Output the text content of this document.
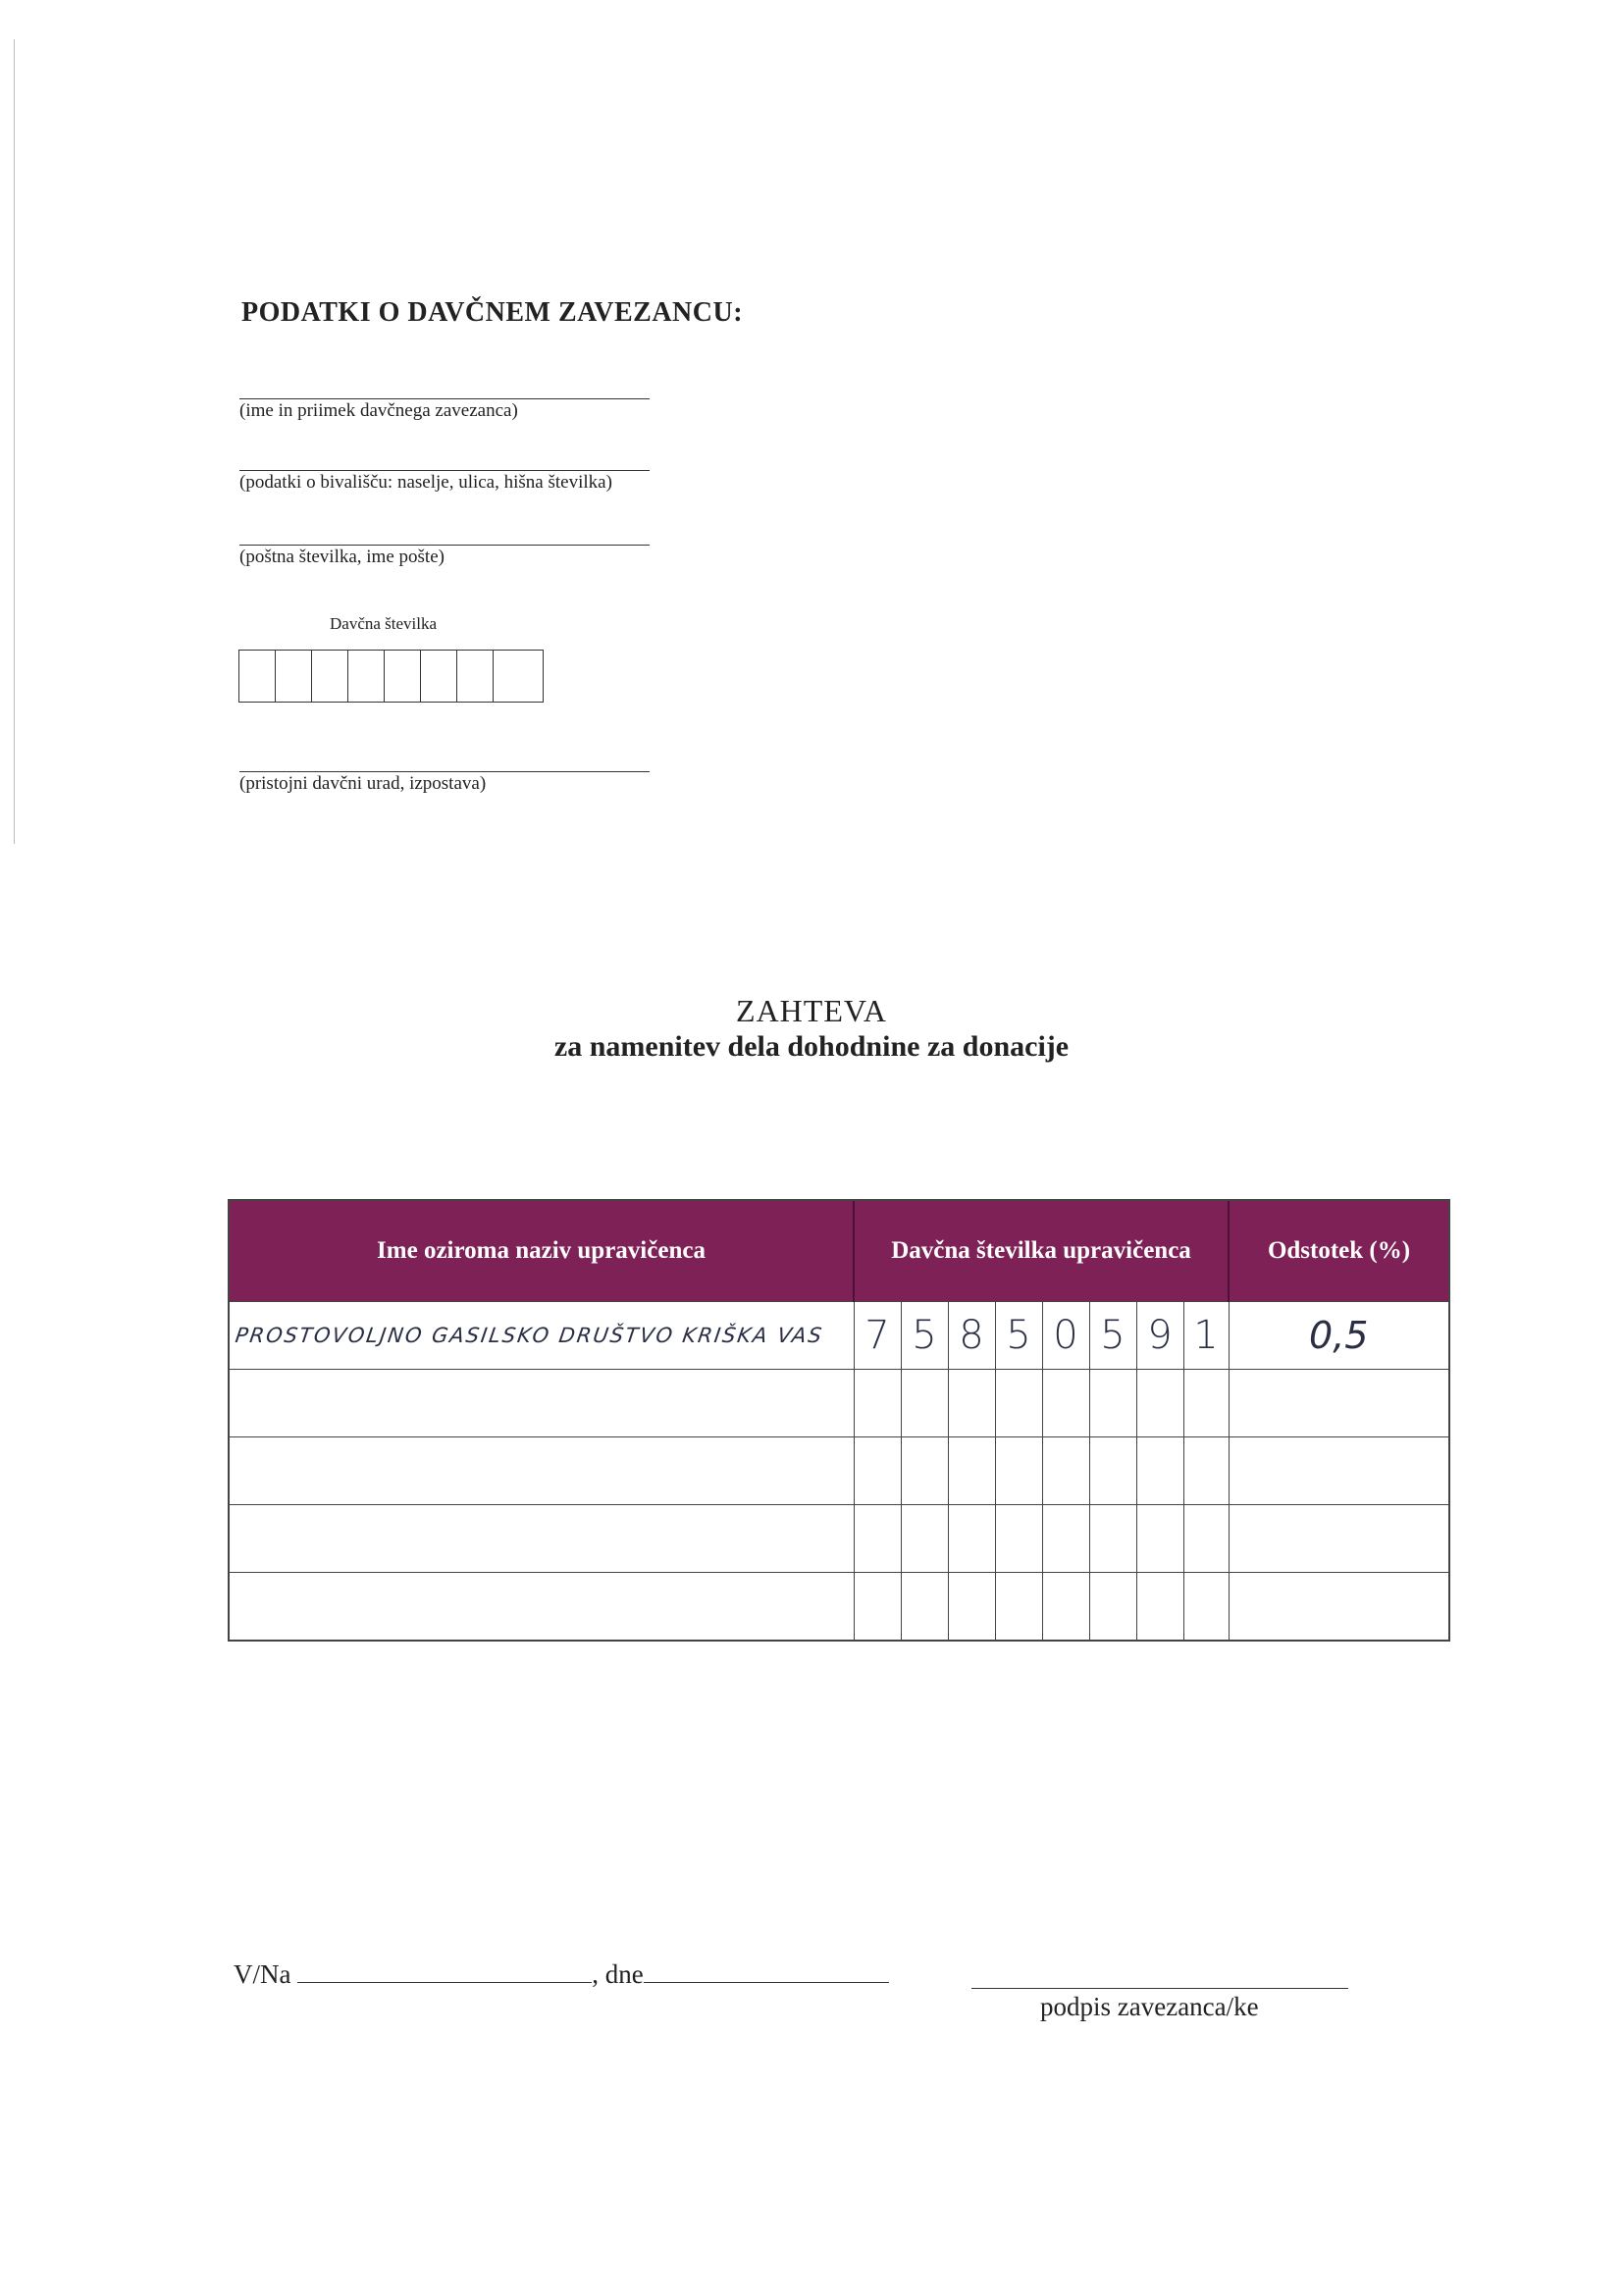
PODATKI O DAVČNEM ZAVEZANCU:
(ime in priimek davčnega zavezanca)
(podatki o bivališču: naselje, ulica, hišna številka)
(poštna številka, ime pošte)
Davčna številka
(pristojni davčni urad, izpostava)
ZAHTEVA
za namenitev dela dohodnine za donacije
Ime oziroma naziv upravičenca	Davčna številka upravičenca								Odstotek (%)
PROSTOVOLJNO GASILSKO DRUŠTVO KRIŠKA VAS	7	5	8	5	0	5	9	1	0,5

V/Na	, dne
podpis zavezanca/ke
